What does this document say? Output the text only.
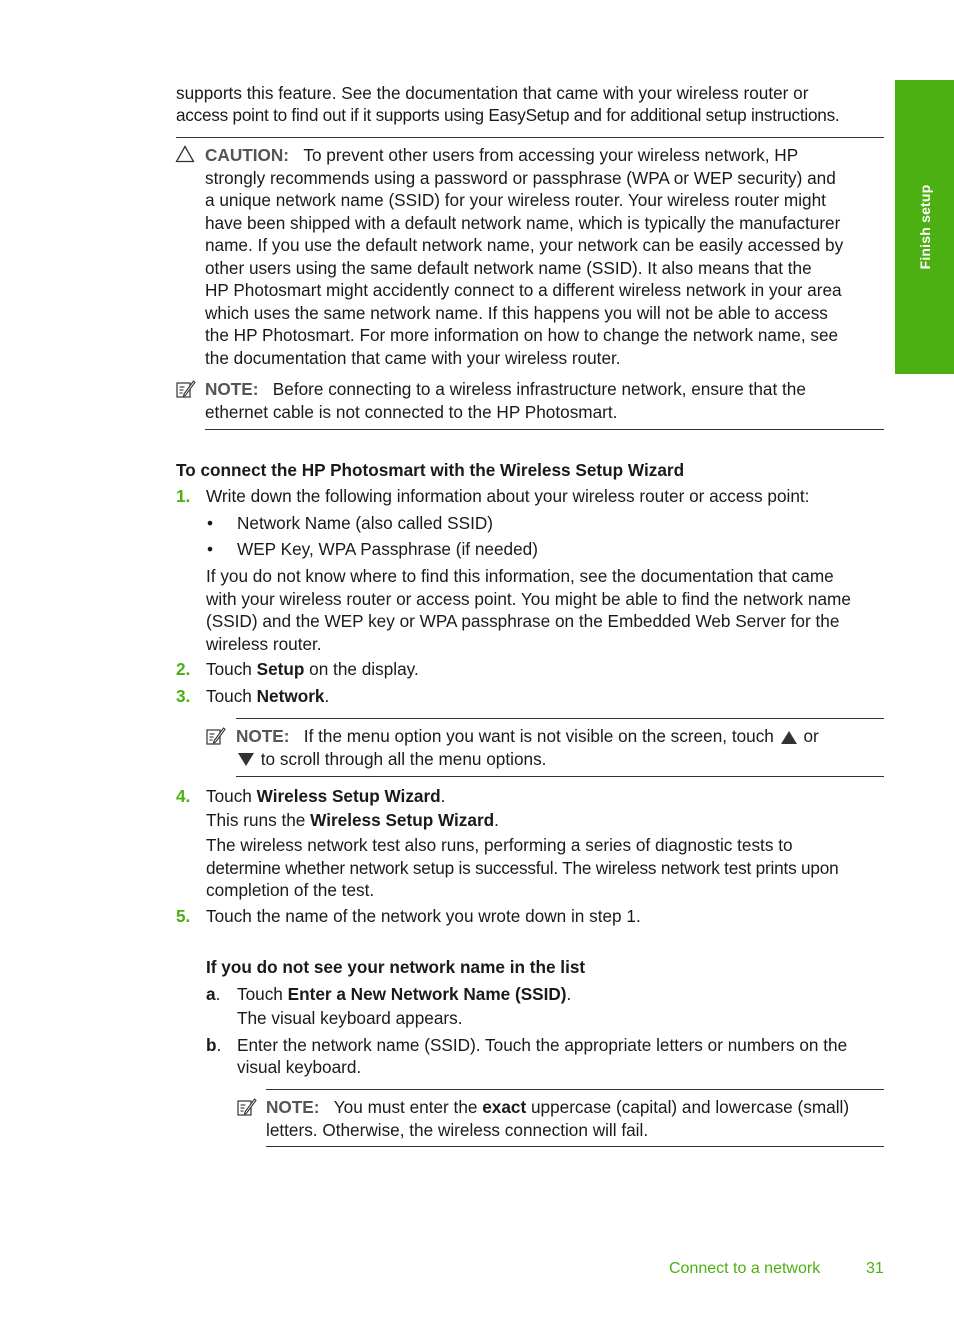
Finish setup

supports this feature. See the documentation that came with your wireless router or

access point to find out if it supports using EasySetup and for additional setup instructions.

CAUTION: To prevent other users from accessing your wireless network, HP

strongly recommends using a password or passphrase (WPA or WEP security) and

a unique network name (SSID) for your wireless router. Your wireless router might

have been shipped with a default network name, which is typically the manufacturer

name. If you use the default network name, your network can be easily accessed by

other users using the same default network name (SSID). It also means that the

HP Photosmart might accidently connect to a different wireless network in your area

which uses the same network name. If this happens you will not be able to access

the HP Photosmart. For more information on how to change the network name, see

the documentation that came with your wireless router.

NOTE: Before connecting to a wireless infrastructure network, ensure that the

ethernet cable is not connected to the HP Photosmart.

To connect the HP Photosmart with the Wireless Setup Wizard

1. Write down the following information about your wireless router or access point:

• Network Name (also called SSID)

• WEP Key, WPA Passphrase (if needed)

If you do not know where to find this information, see the documentation that came

with your wireless router or access point. You might be able to find the network name

(SSID) and the WEP key or WPA passphrase on the Embedded Web Server for the

wireless router.

2. Touch Setup on the display.

3. Touch Network.

NOTE: If the menu option you want is not visible on the screen, touch or

to scroll through all the menu options.

4. Touch Wireless Setup Wizard.

This runs the Wireless Setup Wizard.

The wireless network test also runs, performing a series of diagnostic tests to

determine whether network setup is successful. The wireless network test prints upon

completion of the test.

5. Touch the name of the network you wrote down in step 1.

If you do not see your network name in the list

a. Touch Enter a New Network Name (SSID).

The visual keyboard appears.

b. Enter the network name (SSID). Touch the appropriate letters or numbers on the

visual keyboard.

NOTE: You must enter the exact uppercase (capital) and lowercase (small)

letters. Otherwise, the wireless connection will fail.

Connect to a network	31
